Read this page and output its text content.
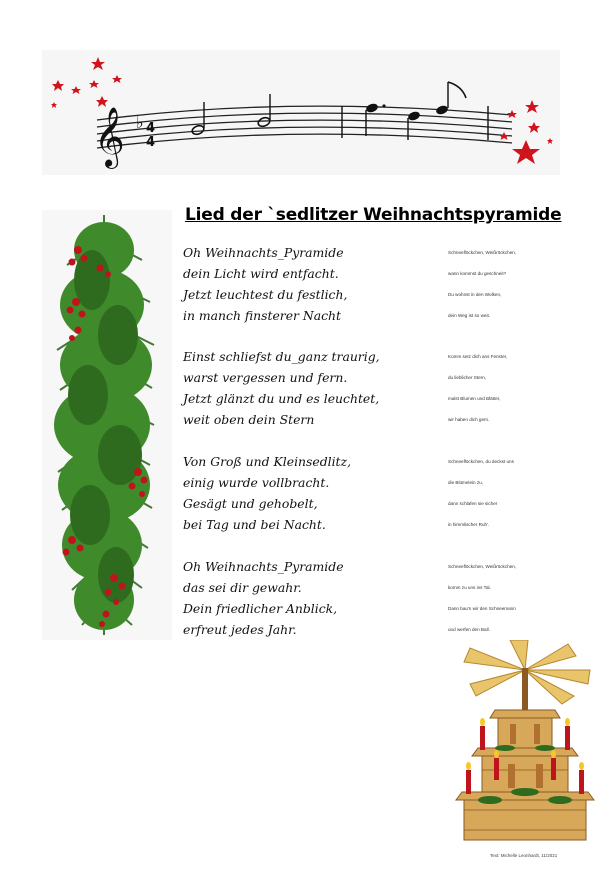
𝄞 ♭ 4
4
Lied der `sedlitzer Weihnachtspyramide
Oh Weihnachts_Pyramide
dein Licht wird entfacht.
Jetzt leuchtest du festlich,
in manch finsterer Nacht
Einst schliefst du_ganz traurig,
warst vergessen und fern.
Jetzt glänzt du und es leuchtet,
weit oben dein Stern
Von Groß und Kleinsedlitz,
einig wurde vollbracht.
Gesägt und gehobelt,
bei Tag und bei Nacht.
Oh Weihnachts_Pyramide
das sei dir gewahr.
Dein friedlicher Anblick,
erfreut jedes Jahr.
Schneeflöckchen, Weißröckchen,
wann kommst du geschneit?
Du wohnst in den Wolken,
dein Weg ist so weit.
Komm setz dich ans Fenster,
du lieblicher Stern,
malst Blumen und Blätter,
wir haben dich gern.
Schneeflöckchen, du deckst uns
die Blümelein zu,
dann schlafen sie sicher
in himmlischer Ruh'.
Schneeflöckchen, Weißröckchen,
komm zu uns ins Tal.
Dann bau'n wir den Schneemann
und werfen den Ball.
Text: Michelle Leonhardt, 11/2021
